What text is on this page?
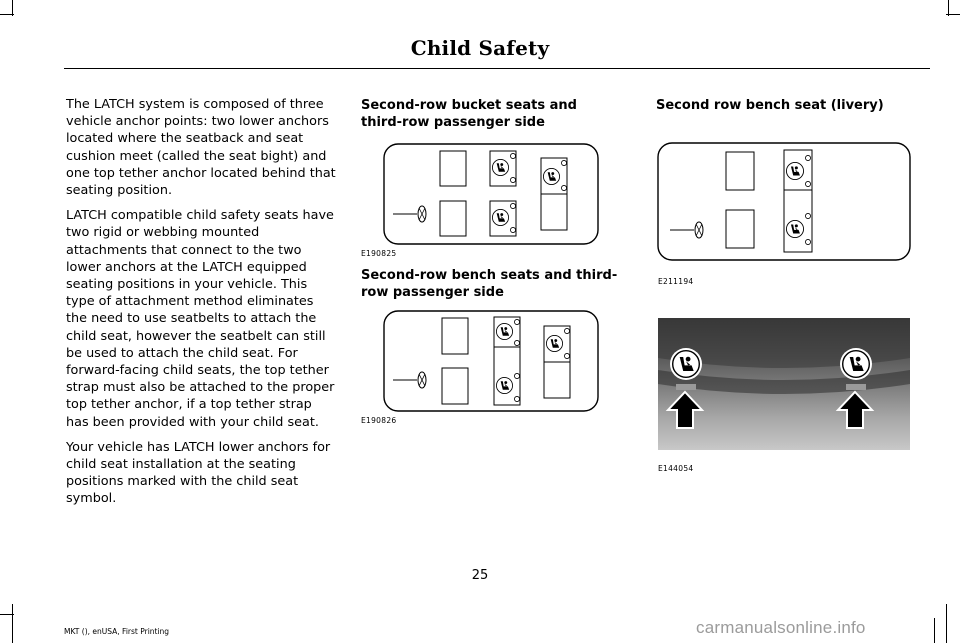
Child Safety

The LATCH system is composed of three vehicle anchor points: two lower anchors located where the seatback and seat cushion meet (called the seat bight) and one top tether anchor located behind that seating position.

LATCH compatible child safety seats have two rigid or webbing mounted attachments that connect to the two lower anchors at the LATCH equipped seating positions in your vehicle. This type of attachment method eliminates the need to use seatbelts to attach the child seat, however the seatbelt can still be used to attach the child seat. For forward-facing child seats, the top tether strap must also be attached to the proper top tether anchor, if a top tether strap has been provided with your child seat.

Your vehicle has LATCH lower anchors for child seat installation at the seating positions marked with the child seat symbol.

Second-row bucket seats and third-row passenger side
E190825
Second-row bench seats and third-row passenger side
E190826
Second row bench seat (livery)
E211194
E144054
25
MKT (), enUSA, First Printing	carmanualsonline.info
